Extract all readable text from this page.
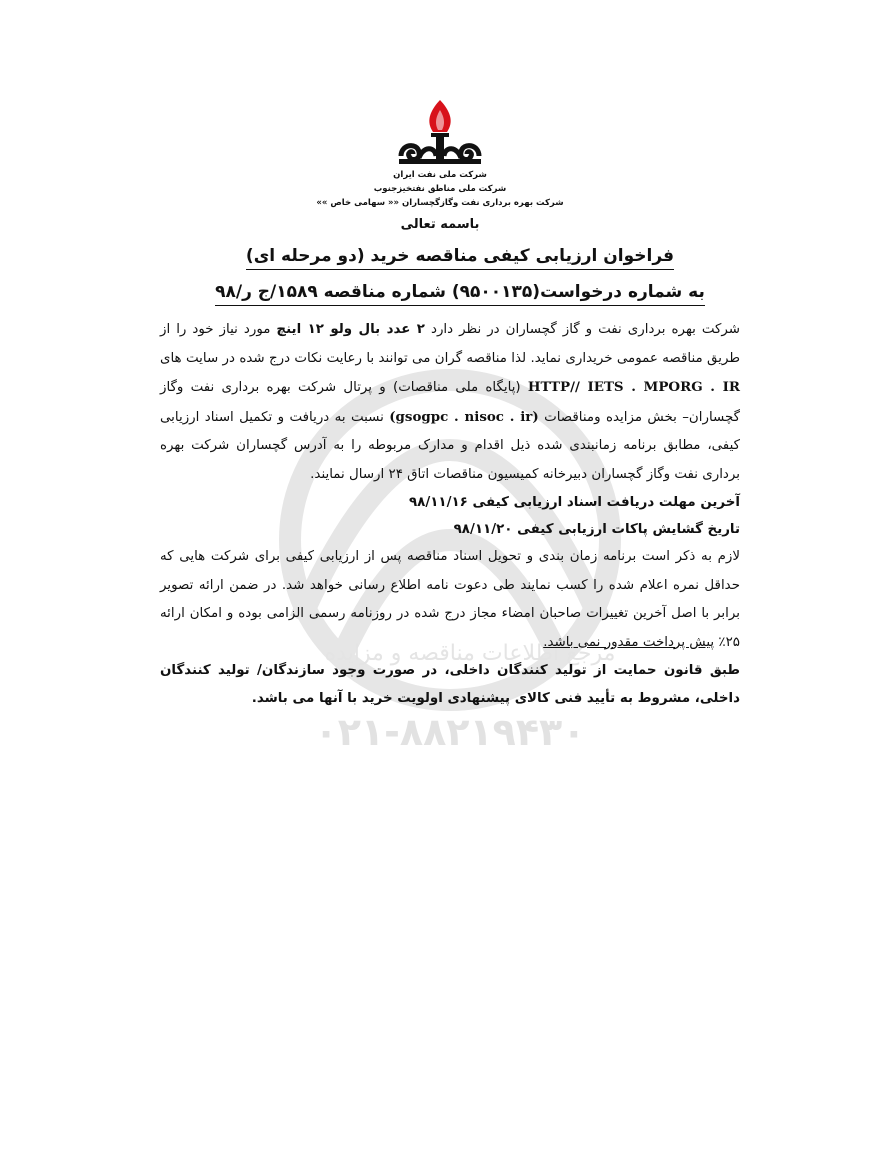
۰۲۱-۸۸۲۱۹۴۳۰
مرجع اطلاعات مناقصه و مزایده
شرکت ملی نفت ایران
شرکت ملی مناطق نفتخیزجنوب
شرکت بهره برداری نفت وگازگچساران «« سهامی خاص »»
باسمه تعالی
فراخوان ارزیابی کیفی مناقصه خرید (دو مرحله ای)
به شماره درخواست(۹۵۰۰۱۳۵) شماره مناقصه ۱۵۸۹/ج ر/۹۸

شرکت بهره برداری نفت و گاز گچساران در نظر دارد ۲ عدد بال ولو ۱۲ اینچ مورد نیاز خود را از طریق مناقصه عمومی خریداری نماید. لذا مناقصه گران می توانند با رعایت نکات درج شده در سایت های HTTP// IETS . MPORG . IR (پایگاه ملی مناقصات) و پرتال شرکت بهره برداری نفت وگاز گچساران– بخش مزایده ومناقصات (gsogpc . nisoc . ir) نسبت به دریافت و تکمیل اسناد ارزیابی کیفی، مطابق برنامه زمانبندی شده ذیل اقدام و مدارک مربوطه را به آدرس گچساران شرکت بهره برداری نفت وگاز گچساران دبیرخانه کمیسیون مناقصات اتاق ۲۴ ارسال نمایند.

آخرین مهلت دریافت اسناد ارزیابی کیفی ۹۸/۱۱/۱۶

تاریخ گشایش پاکات ارزیابی کیفی ۹۸/۱۱/۲۰

لازم به ذکر است برنامه زمان بندی و تحویل اسناد مناقصه پس از ارزیابی کیفی برای شرکت هایی که حداقل نمره اعلام شده را کسب نمایند طی دعوت نامه اطلاع رسانی خواهد شد. در ضمن ارائه تصویر برابر با اصل آخرین تغییرات صاحبان امضاء مجاز درج شده در روزنامه رسمی الزامی بوده و امکان ارائه ۲۵٪ پیش پرداخت مقدور نمی باشد.

طبق قانون حمایت از تولید کنندگان داخلی، در صورت وجود سازندگان/ تولید کنندگان داخلی، مشروط به تأیید فنی کالای پیشنهادی اولویت خرید با آنها می باشد.
